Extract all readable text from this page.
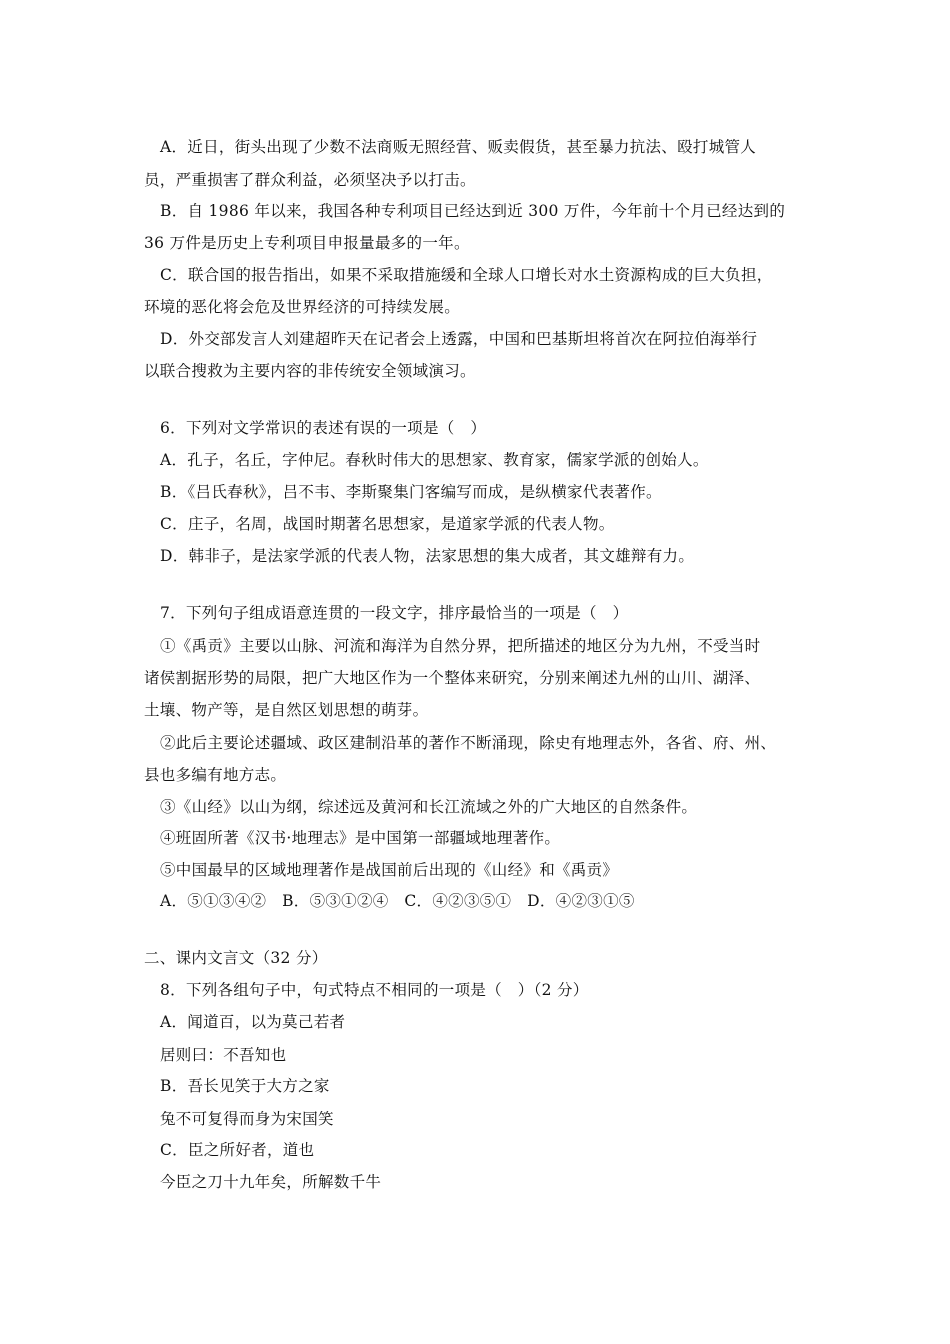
A．近日，街头出现了少数不法商贩无照经营、贩卖假货，甚至暴力抗法、殴打城管人
员，严重损害了群众利益，必须坚决予以打击。
B．自 1986 年以来，我国各种专利项目已经达到近 300 万件，今年前十个月已经达到的
36 万件是历史上专利项目申报量最多的一年。
C．联合国的报告指出，如果不采取措施缓和全球人口增长对水土资源构成的巨大负担，
环境的恶化将会危及世界经济的可持续发展。
D．外交部发言人刘建超昨天在记者会上透露，中国和巴基斯坦将首次在阿拉伯海举行
以联合搜救为主要内容的非传统安全领域演习。
6．下列对文学常识的表述有误的一项是（　）
A．孔子，名丘，字仲尼。春秋时伟大的思想家、教育家，儒家学派的创始人。
B．《吕氏春秋》，吕不韦、李斯聚集门客编写而成，是纵横家代表著作。
C．庄子，名周，战国时期著名思想家，是道家学派的代表人物。
D．韩非子，是法家学派的代表人物，法家思想的集大成者，其文雄辩有力。
7．下列句子组成语意连贯的一段文字，排序最恰当的一项是（　）
①《禹贡》主要以山脉、河流和海洋为自然分界，把所描述的地区分为九州，不受当时
诸侯割据形势的局限，把广大地区作为一个整体来研究，分别来阐述九州的山川、湖泽、
土壤、物产等，是自然区划思想的萌芽。
②此后主要论述疆域、政区建制沿革的著作不断涌现，除史有地理志外，各省、府、州、
县也多编有地方志。
③《山经》以山为纲，综述远及黄河和长江流域之外的广大地区的自然条件。
④班固所著《汉书·地理志》是中国第一部疆域地理著作。
⑤中国最早的区域地理著作是战国前后出现的《山经》和《禹贡》
A．⑤①③④②　B．⑤③①②④　C．④②③⑤①　D．④②③①⑤
二、课内文言文（32 分）
8．下列各组句子中，句式特点不相同的一项是（　）（2 分）
A．闻道百，以为莫己若者
居则曰：不吾知也
B．吾长见笑于大方之家
兔不可复得而身为宋国笑
C．臣之所好者，道也
今臣之刀十九年矣，所解数千牛
